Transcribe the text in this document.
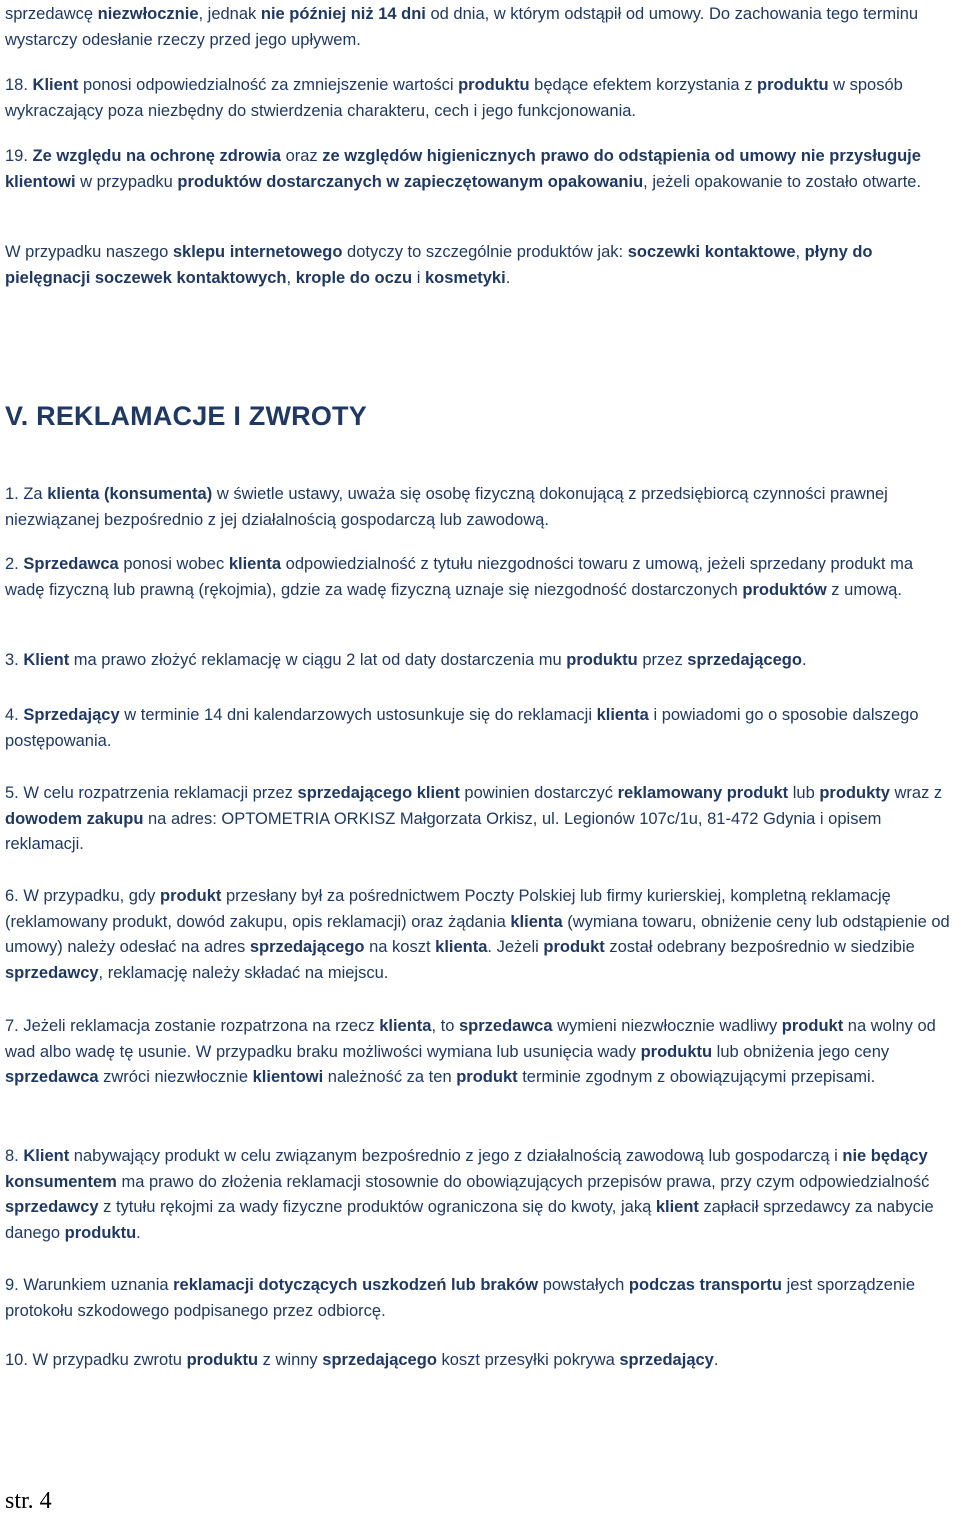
sprzedawcę niezwłocznie, jednak nie później niż 14 dni od dnia, w którym odstąpił od umowy. Do zachowania tego terminu wystarczy odesłanie rzeczy przed jego upływem.

18. Klient ponosi odpowiedzialność za zmniejszenie wartości produktu będące efektem korzystania z produktu w sposób wykraczający poza niezbędny do stwierdzenia charakteru, cech i jego funkcjonowania.

19. Ze względu na ochronę zdrowia oraz ze względów higienicznych prawo do odstąpienia od umowy nie przysługuje klientowi w przypadku produktów dostarczanych w zapieczętowanym opakowaniu, jeżeli opakowanie to zostało otwarte.

W przypadku naszego sklepu internetowego dotyczy to szczególnie produktów jak: soczewki kontaktowe, płyny do pielęgnacji soczewek kontaktowych, krople do oczu i kosmetyki.

V. REKLAMACJE I ZWROTY

1. Za klienta (konsumenta) w świetle ustawy, uważa się osobę fizyczną dokonującą z przedsiębiorcą czynności prawnej niezwiązanej bezpośrednio z jej działalnością gospodarczą lub zawodową.

2. Sprzedawca ponosi wobec klienta odpowiedzialność z tytułu niezgodności towaru z umową, jeżeli sprzedany produkt ma wadę fizyczną lub prawną (rękojmia), gdzie za wadę fizyczną uznaje się niezgodność dostarczonych produktów z umową.

3. Klient ma prawo złożyć reklamację w ciągu 2 lat od daty dostarczenia mu produktu przez sprzedającego.

4. Sprzedający w terminie 14 dni kalendarzowych ustosunkuje się do reklamacji klienta i powiadomi go o sposobie dalszego postępowania.

5. W celu rozpatrzenia reklamacji przez sprzedającego klient powinien dostarczyć reklamowany produkt lub produkty wraz z dowodem zakupu na adres: OPTOMETRIA ORKISZ Małgorzata Orkisz, ul. Legionów 107c/1u, 81-472 Gdynia i opisem reklamacji.

6. W przypadku, gdy produkt przesłany był za pośrednictwem Poczty Polskiej lub firmy kurierskiej, kompletną reklamację (reklamowany produkt, dowód zakupu, opis reklamacji) oraz żądania klienta (wymiana towaru, obniżenie ceny lub odstąpienie od umowy) należy odesłać na adres sprzedającego na koszt klienta. Jeżeli produkt został odebrany bezpośrednio w siedzibie sprzedawcy, reklamację należy składać na miejscu.

7. Jeżeli reklamacja zostanie rozpatrzona na rzecz klienta, to sprzedawca wymieni niezwłocznie wadliwy produkt na wolny od wad albo wadę tę usunie. W przypadku braku możliwości wymiana lub usunięcia wady produktu lub obniżenia jego ceny sprzedawca zwróci niezwłocznie klientowi należność za ten produkt terminie zgodnym z obowiązującymi przepisami.

8. Klient nabywający produkt w celu związanym bezpośrednio z jego z działalnością zawodową lub gospodarczą i nie będący konsumentem ma prawo do złożenia reklamacji stosownie do obowiązujących przepisów prawa, przy czym odpowiedzialność sprzedawcy z tytułu rękojmi za wady fizyczne produktów ograniczona się do kwoty, jaką klient zapłacił sprzedawcy za nabycie danego produktu.

9. Warunkiem uznania reklamacji dotyczących uszkodzeń lub braków powstałych podczas transportu jest sporządzenie protokołu szkodowego podpisanego przez odbiorcę.

10. W przypadku zwrotu produktu z winny sprzedającego koszt przesyłki pokrywa sprzedający.

str. 4
